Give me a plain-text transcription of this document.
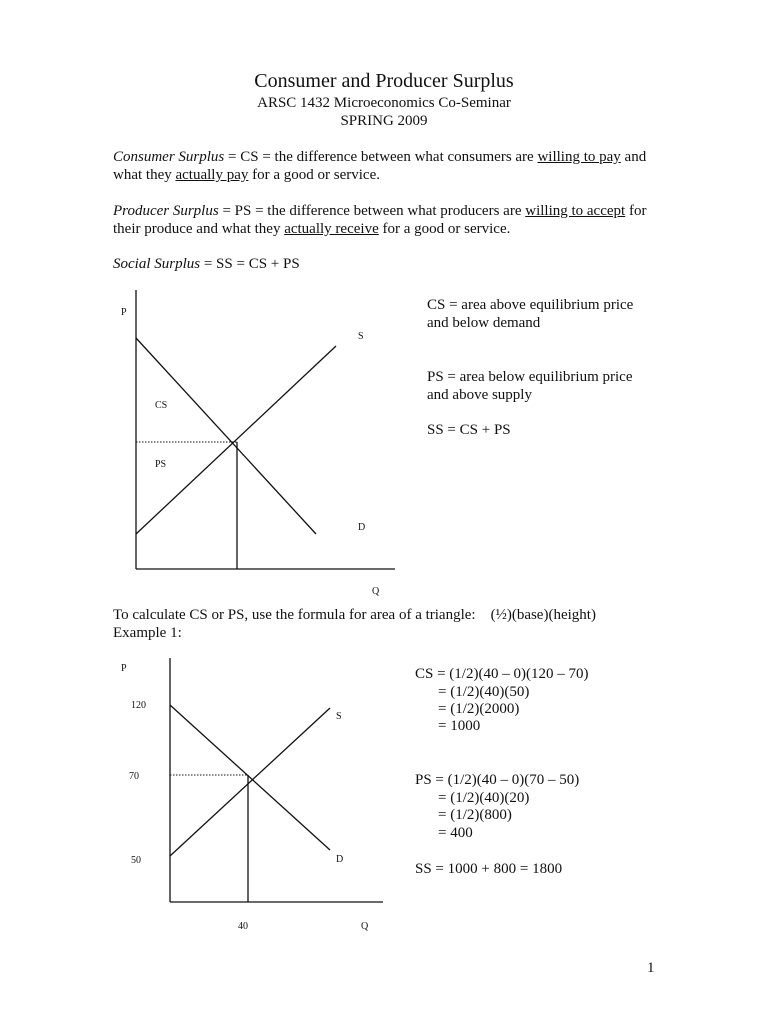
Consumer and Producer Surplus
ARSC 1432 Microeconomics Co-Seminar
SPRING 2009
Consumer Surplus = CS = the difference between what consumers are willing to pay and what they actually pay for a good or service.
Producer Surplus = PS = the difference between what producers are willing to accept for their produce and what they actually receive for a good or service.
Social Surplus = SS = CS + PS
P
Q
S
D
CS
PS
P
Q
S
D
120
70
50
40
CS = area above equilibrium price
and below demand
PS = area below equilibrium price
and above supply
SS = CS + PS
To calculate CS or PS, use the formula for area of a triangle:    (½)(base)(height)
Example 1:
CS = (1/2)(40 – 0)(120 – 70)
= (1/2)(40)(50)
= (1/2)(2000)
= 1000
PS = (1/2)(40 – 0)(70 – 50)
= (1/2)(40)(20)
= (1/2)(800)
= 400
SS = 1000 + 800 = 1800
1
